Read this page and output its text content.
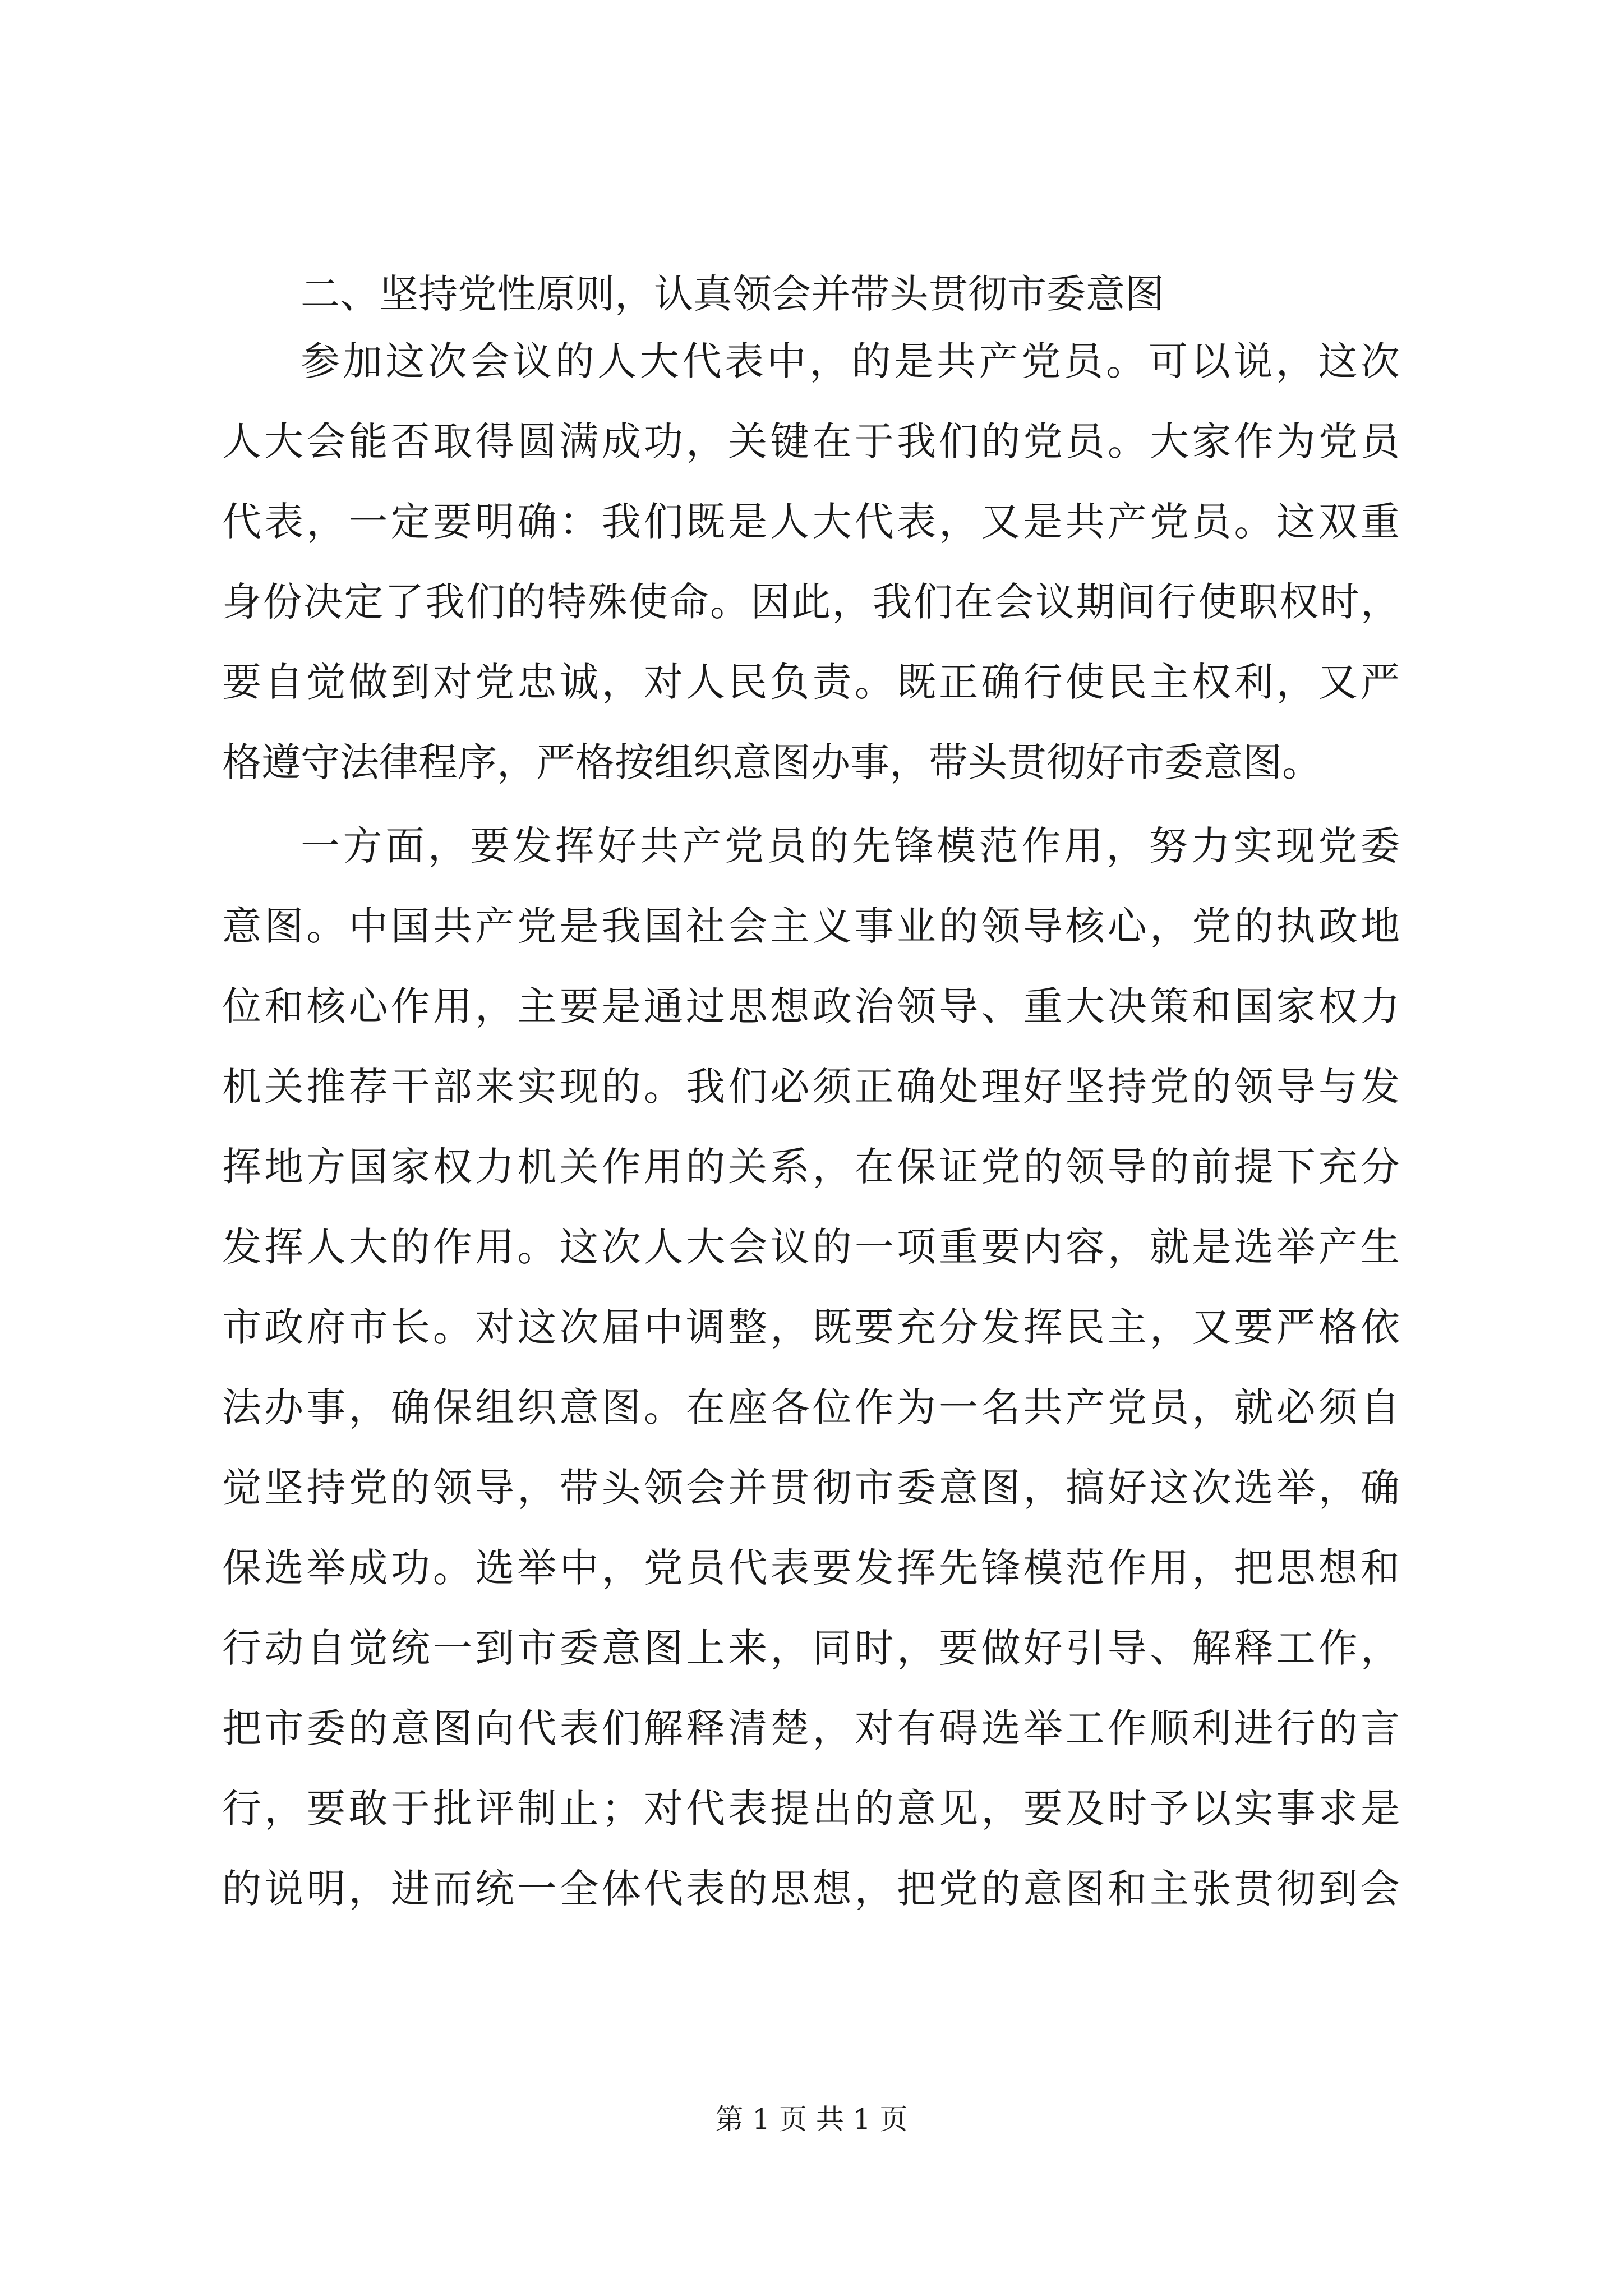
二、坚持党性原则，认真领会并带头贯彻市委意图

参加这次会议的人大代表中，的是共产党员。可以说，这次
人大会能否取得圆满成功，关键在于我们的党员。大家作为党员
代表，一定要明确：我们既是人大代表，又是共产党员。这双重
身份决定了我们的特殊使命。因此，我们在会议期间行使职权时，
要自觉做到对党忠诚，对人民负责。既正确行使民主权利，又严
格遵守法律程序，严格按组织意图办事，带头贯彻好市委意图。
一方面，要发挥好共产党员的先锋模范作用，努力实现党委
意图。中国共产党是我国社会主义事业的领导核心，党的执政地
位和核心作用，主要是通过思想政治领导、重大决策和国家权力
机关推荐干部来实现的。我们必须正确处理好坚持党的领导与发
挥地方国家权力机关作用的关系，在保证党的领导的前提下充分
发挥人大的作用。这次人大会议的一项重要内容，就是选举产生
市政府市长。对这次届中调整，既要充分发挥民主，又要严格依
法办事，确保组织意图。在座各位作为一名共产党员，就必须自
觉坚持党的领导，带头领会并贯彻市委意图，搞好这次选举，确
保选举成功。选举中，党员代表要发挥先锋模范作用，把思想和
行动自觉统一到市委意图上来，同时，要做好引导、解释工作，
把市委的意图向代表们解释清楚，对有碍选举工作顺利进行的言
行，要敢于批评制止；对代表提出的意见，要及时予以实事求是
的说明，进而统一全体代表的思想，把党的意图和主张贯彻到会
第 1 页 共 1 页
